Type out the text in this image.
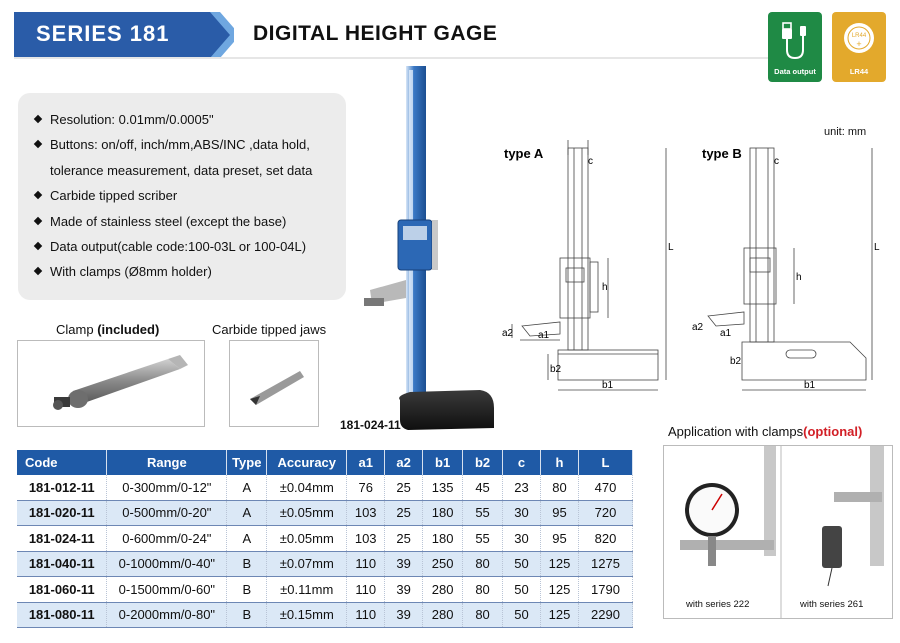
SERIES 181	DIGITAL HEIGHT GAGE
Data output
LR44
+
LR44
Resolution: 0.01mm/0.0005"
Buttons: on/off, inch/mm,ABS/INC ,data hold,
tolerance measurement, data preset, set data
Carbide tipped scriber
Made of stainless steel (except the base)
Data output(cable code:100-03L or 100-04L)
With clamps (Ø8mm holder)
Clamp (included)	Carbide tipped jaws
181-024-11
unit: mm
type A
c
L
h
a1
a2
b2
b1
type B
c
L
h
a1
a2
b2
b1
Code	Range	Type	Accuracy	a1	a2	b1	b2	c	h	L
181-012-11	0-300mm/0-12"	A	±0.04mm	76	25	135	45	23	80	470
181-020-11	0-500mm/0-20"	A	±0.05mm	103	25	180	55	30	95	720
181-024-11	0-600mm/0-24"	A	±0.05mm	103	25	180	55	30	95	820
181-040-11	0-1000mm/0-40"	B	±0.07mm	110	39	250	80	50	125	1275
181-060-11	0-1500mm/0-60"	B	±0.11mm	110	39	280	80	50	125	1790
181-080-11	0-2000mm/0-80"	B	±0.15mm	110	39	280	80	50	125	2290
Application with clamps(optional)
with series 222	with series 261
